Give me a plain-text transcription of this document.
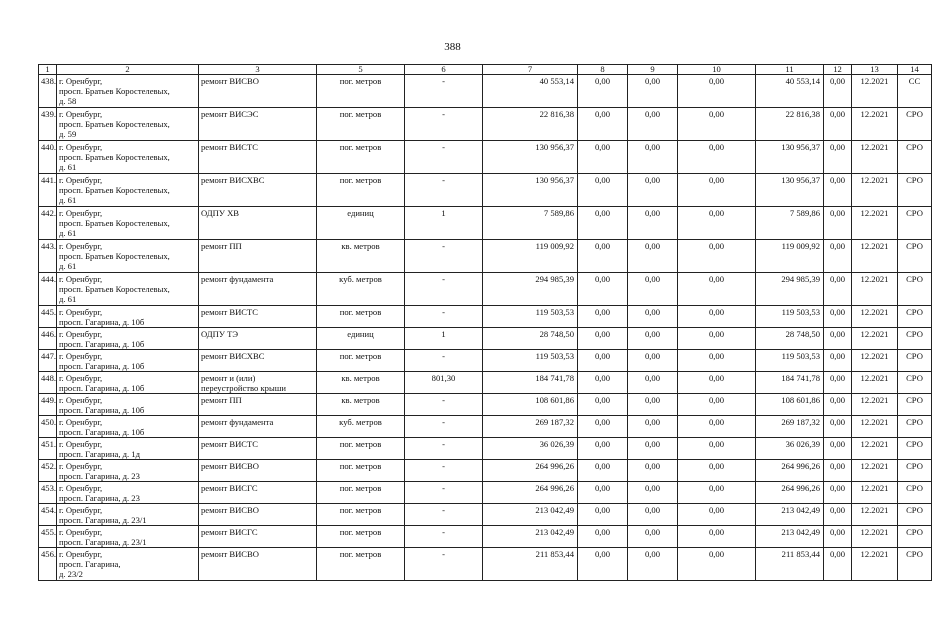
388
1	2	3	5	6	7	8	9	10	11	12	13	14
438.	г. Оренбург,
просп. Братьев Коростелевых,
д. 58	ремонт ВИСВО	пог. метров	-	40 553,14	0,00	0,00	0,00	40 553,14	0,00	12.2021	СС
439.	г. Оренбург,
просп. Братьев Коростелевых,
д. 59	ремонт ВИСЭС	пог. метров	-	22 816,38	0,00	0,00	0,00	22 816,38	0,00	12.2021	СРО
440.	г. Оренбург,
просп. Братьев Коростелевых,
д. 61	ремонт ВИСТС	пог. метров	-	130 956,37	0,00	0,00	0,00	130 956,37	0,00	12.2021	СРО
441.	г. Оренбург,
просп. Братьев Коростелевых,
д. 61	ремонт ВИСХВС	пог. метров	-	130 956,37	0,00	0,00	0,00	130 956,37	0,00	12.2021	СРО
442.	г. Оренбург,
просп. Братьев Коростелевых,
д. 61	ОДПУ ХВ	единиц	1	7 589,86	0,00	0,00	0,00	7 589,86	0,00	12.2021	СРО
443.	г. Оренбург,
просп. Братьев Коростелевых,
д. 61	ремонт ПП	кв. метров	-	119 009,92	0,00	0,00	0,00	119 009,92	0,00	12.2021	СРО
444.	г. Оренбург,
просп. Братьев Коростелевых,
д. 61	ремонт фундамента	куб. метров	-	294 985,39	0,00	0,00	0,00	294 985,39	0,00	12.2021	СРО
445.	г. Оренбург,
просп. Гагарина, д. 10б	ремонт ВИСТС	пог. метров	-	119 503,53	0,00	0,00	0,00	119 503,53	0,00	12.2021	СРО
446.	г. Оренбург,
просп. Гагарина, д. 10б	ОДПУ ТЭ	единиц	1	28 748,50	0,00	0,00	0,00	28 748,50	0,00	12.2021	СРО
447.	г. Оренбург,
просп. Гагарина, д. 10б	ремонт ВИСХВС	пог. метров	-	119 503,53	0,00	0,00	0,00	119 503,53	0,00	12.2021	СРО
448.	г. Оренбург,
просп. Гагарина, д. 10б	ремонт и (или)
переустройство крыши	кв. метров	801,30	184 741,78	0,00	0,00	0,00	184 741,78	0,00	12.2021	СРО
449.	г. Оренбург,
просп. Гагарина, д. 10б	ремонт ПП	кв. метров	-	108 601,86	0,00	0,00	0,00	108 601,86	0,00	12.2021	СРО
450.	г. Оренбург,
просп. Гагарина, д. 10б	ремонт фундамента	куб. метров	-	269 187,32	0,00	0,00	0,00	269 187,32	0,00	12.2021	СРО
451.	г. Оренбург,
просп. Гагарина, д. 1д	ремонт ВИСТС	пог. метров	-	36 026,39	0,00	0,00	0,00	36 026,39	0,00	12.2021	СРО
452.	г. Оренбург,
просп. Гагарина, д. 23	ремонт ВИСВО	пог. метров	-	264 996,26	0,00	0,00	0,00	264 996,26	0,00	12.2021	СРО
453.	г. Оренбург,
просп. Гагарина, д. 23	ремонт ВИСГС	пог. метров	-	264 996,26	0,00	0,00	0,00	264 996,26	0,00	12.2021	СРО
454.	г. Оренбург,
просп. Гагарина, д. 23/1	ремонт ВИСВО	пог. метров	-	213 042,49	0,00	0,00	0,00	213 042,49	0,00	12.2021	СРО
455.	г. Оренбург,
просп. Гагарина, д. 23/1	ремонт ВИСГС	пог. метров	-	213 042,49	0,00	0,00	0,00	213 042,49	0,00	12.2021	СРО
456.	г. Оренбург,
просп. Гагарина,
д. 23/2	ремонт ВИСВО	пог. метров	-	211 853,44	0,00	0,00	0,00	211 853,44	0,00	12.2021	СРО
